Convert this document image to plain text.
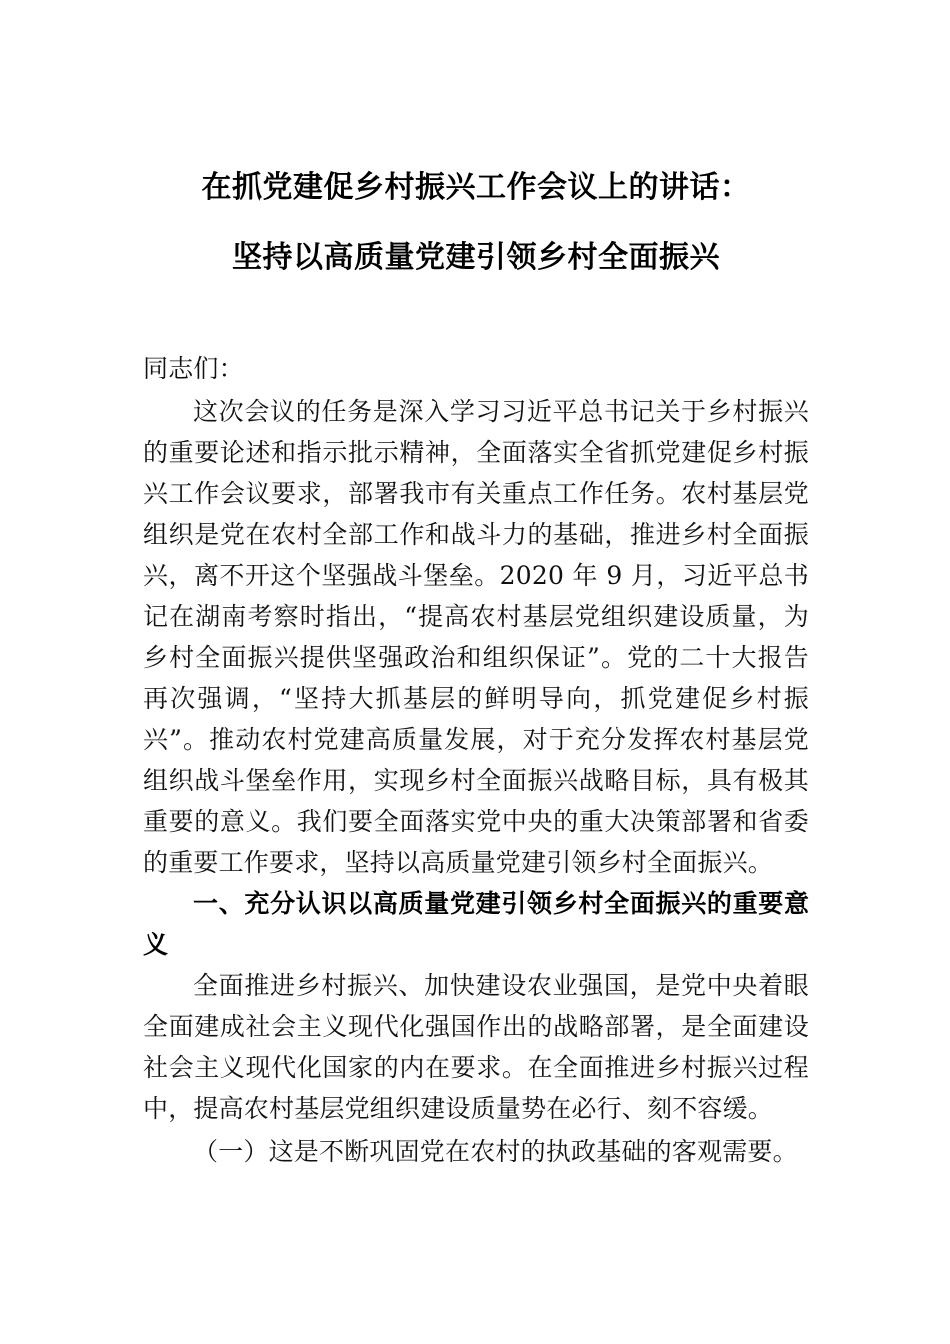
在抓党建促乡村振兴工作会议上的讲话：
坚持以高质量党建引领乡村全面振兴

同志们：

这次会议的任务是深入学习习近平总书记关于乡村振兴的重要论述和指示批示精神，全面落实全省抓党建促乡村振兴工作会议要求，部署我市有关重点工作任务。农村基层党组织是党在农村全部工作和战斗力的基础，推进乡村全面振兴，离不开这个坚强战斗堡垒。2020 年 9 月，习近平总书记在湖南考察时指出，“提高农村基层党组织建设质量，为乡村全面振兴提供坚强政治和组织保证”。党的二十大报告再次强调，“坚持大抓基层的鲜明导向，抓党建促乡村振兴”。推动农村党建高质量发展，对于充分发挥农村基层党组织战斗堡垒作用，实现乡村全面振兴战略目标，具有极其重要的意义。我们要全面落实党中央的重大决策部署和省委的重要工作要求，坚持以高质量党建引领乡村全面振兴。

一、充分认识以高质量党建引领乡村全面振兴的重要意义

全面推进乡村振兴、加快建设农业强国，是党中央着眼全面建成社会主义现代化强国作出的战略部署，是全面建设社会主义现代化国家的内在要求。在全面推进乡村振兴过程中，提高农村基层党组织建设质量势在必行、刻不容缓。

（一）这是不断巩固党在农村的执政基础的客观需要。
